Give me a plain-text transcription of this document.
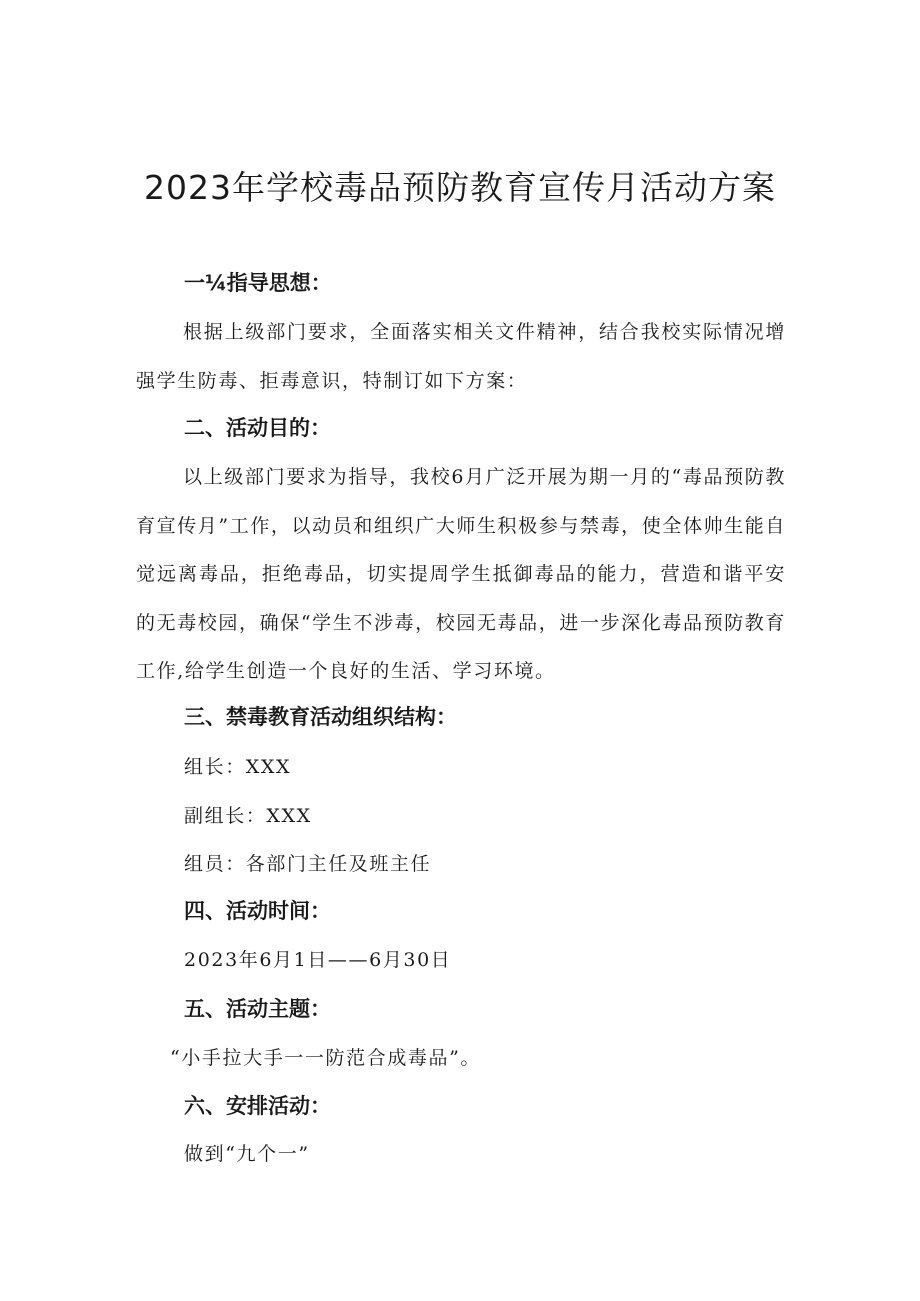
2023年学校毒品预防教育宣传月活动方案
一¼指导思想：

根据上级部门要求，全面落实相关文件精神，结合我校实际情况增强学生防毒、拒毒意识，特制订如下方案：

二、活动目的：

以上级部门要求为指导，我校6月广泛开展为期一月的“毒品预防教育宣传月”工作，以动员和组织广大师生积极参与禁毒，使全体帅生能自觉远离毒品，拒绝毒品，切实提周学生抵御毒品的能力，营造和谐平安的无毒校园，确保“学生不涉毒，校园无毒品，进一步深化毒品预防教育工作,给学生创造一个良好的生活、学习环境。

三、禁毒教育活动组织结构：

组长：XXX

副组长：XXX

组员：各部门主任及班主任

四、活动时间：

2023年6月1日——6月30日

五、活动主题：

“小手拉大手一一防范合成毒品”。

六、安排活动：

做到“九个一”
